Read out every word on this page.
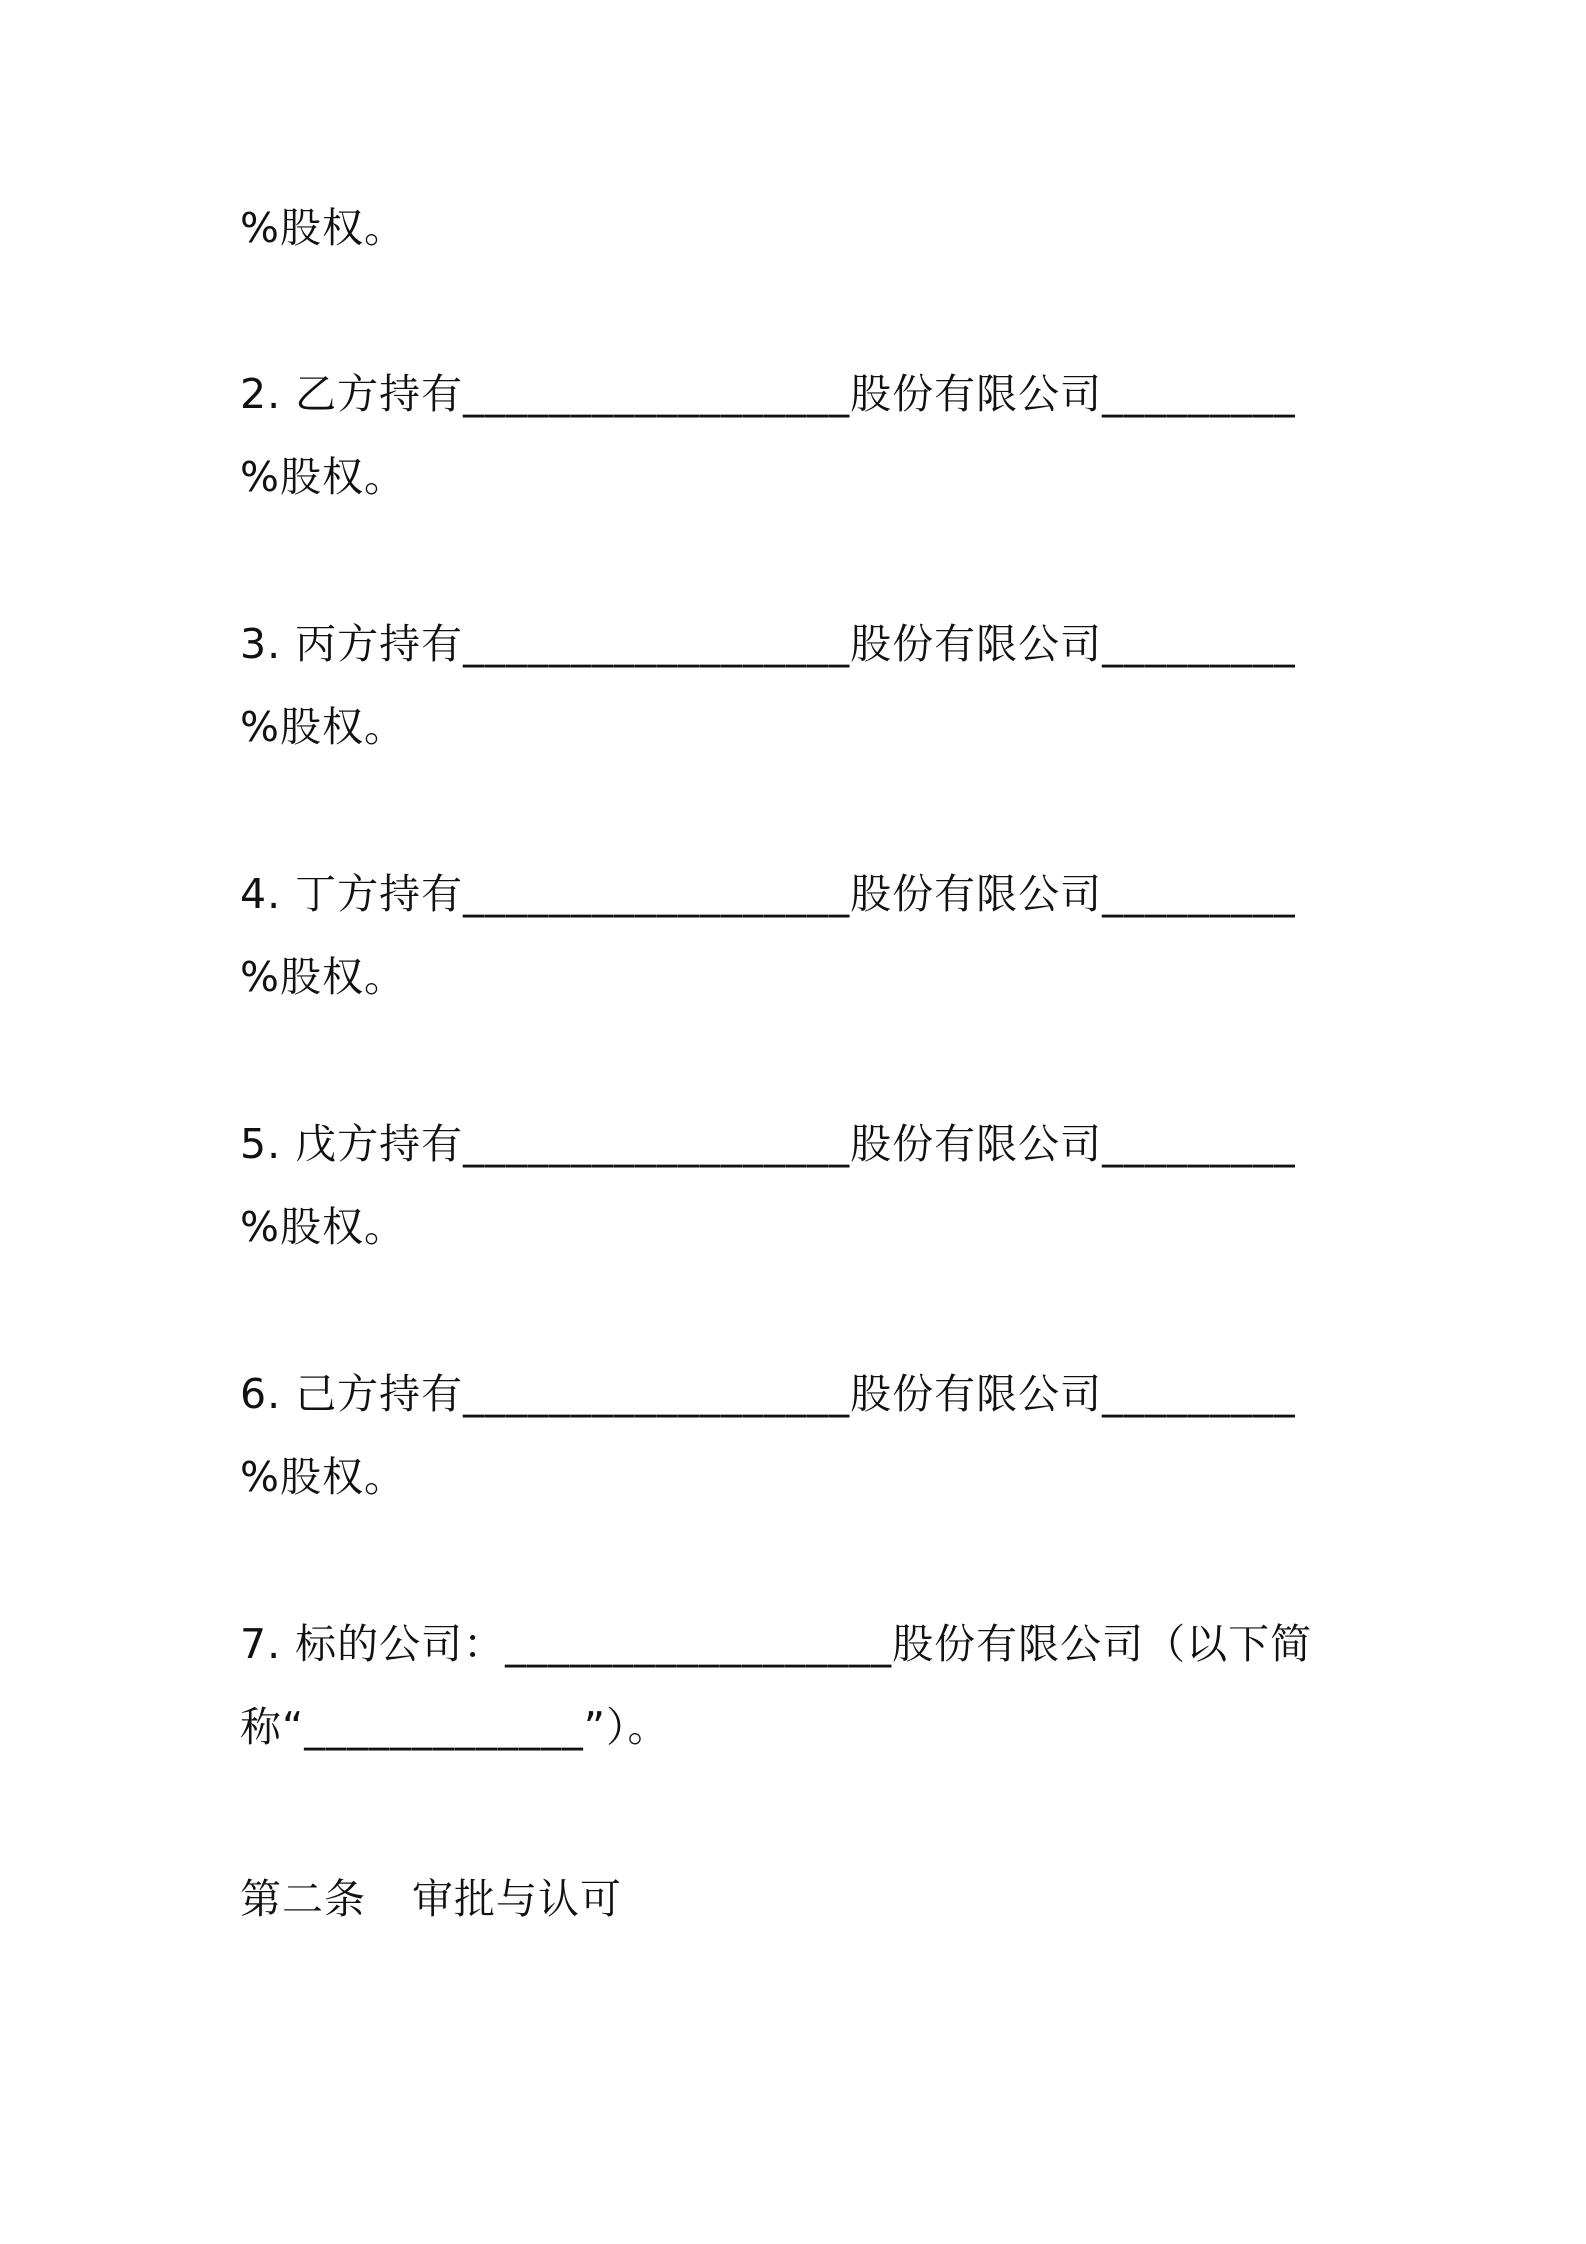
%股权。
2. 乙方持有__________________股份有限公司_________
%股权。
3. 丙方持有__________________股份有限公司_________
%股权。
4. 丁方持有__________________股份有限公司_________
%股权。
5. 戊方持有__________________股份有限公司_________
%股权。
6. 己方持有__________________股份有限公司_________
%股权。
7. 标的公司：__________________股份有限公司（以下简
称“_____________”）。
第二条 审批与认可
